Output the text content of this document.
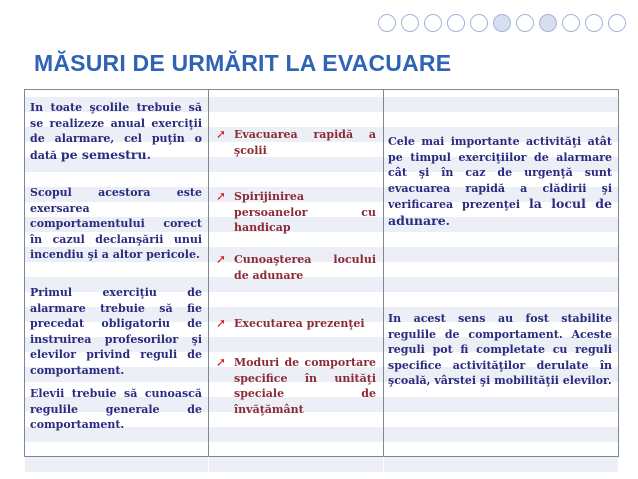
MĂSURI DE URMĂRIT LA EVACUARE
In toate şcolile trebuie să se realizeze anual exerciţii de alarmare, cel puţin o dată pe semestru.
Scopul acestora este exersarea comportamentului corect în cazul declanşării unui incendiu şi a altor pericole.
Primul exerciţiu de alarmare trebuie să fie precedat obligatoriu de instruirea profesorilor şi elevilor privind reguli de comportament.
Elevii trebuie să cunoască regulile generale de comportament.
➚ Evacuarea rapidă a şcolii
➚ Spirijinirea persoanelor cu handicap
➚ Cunoaşterea locului de adunare
➚ Executarea prezenţei
➚ Moduri de comportare specifice în unităţi speciale de învăţământ
Cele mai importante activităţi atât pe timpul exerciţiilor de alarmare cât şi în caz de urgenţă sunt evacuarea rapidă a clădirii şi verificarea prezenţei la locul de adunare.
In acest sens au fost stabilite regulile de comportament. Aceste reguli pot fi completate cu reguli specifice activităţilor derulate în şcoală, vârstei şi mobilităţii elevilor.
